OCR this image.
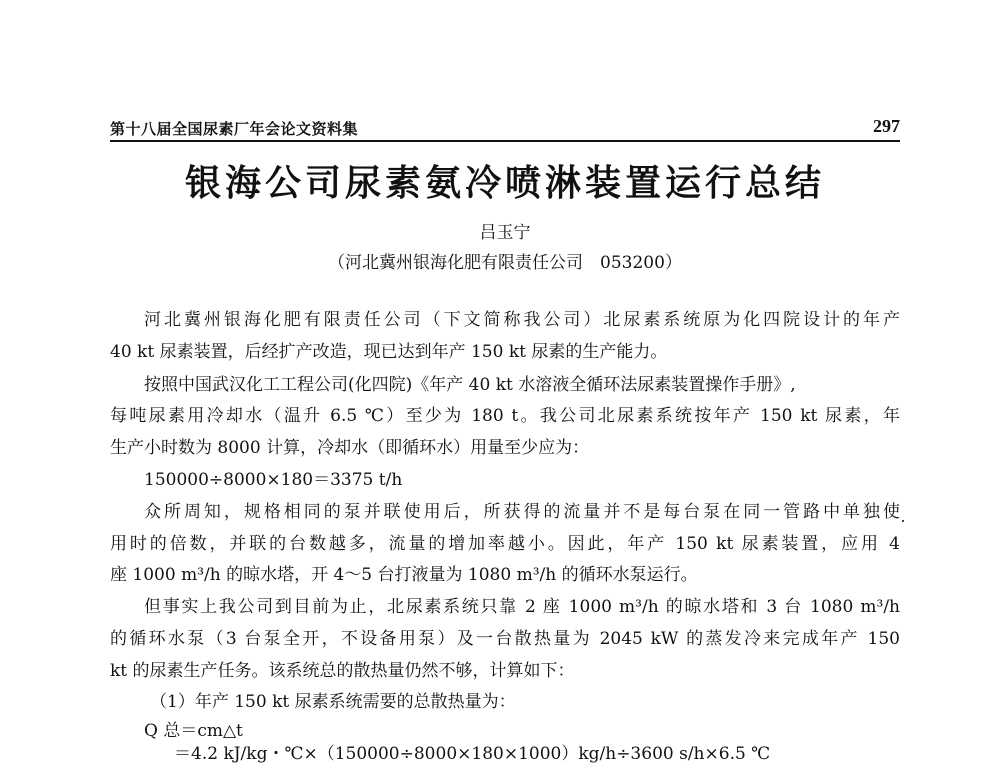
第十八届全国尿素厂年会论文资料集	297
银海公司尿素氨冷喷淋装置运行总结
吕玉宁
（河北冀州银海化肥有限责任公司　053200）
河北冀州银海化肥有限责任公司（下文简称我公司）北尿素系统原为化四院设计的年产
40 kt 尿素装置，后经扩产改造，现已达到年产 150 kt 尿素的生产能力。
按照中国武汉化工工程公司(化四院)《年产 40 kt 水溶液全循环法尿素装置操作手册》,
每吨尿素用冷却水（温升 6.5 ℃）至少为 180 t。我公司北尿素系统按年产 150 kt 尿素，年
生产小时数为 8000 计算，冷却水（即循环水）用量至少应为：
150000÷8000×180＝3375 t/h
众所周知，规格相同的泵并联使用后，所获得的流量并不是每台泵在同一管路中单独使
用时的倍数，并联的台数越多，流量的增加率越小。因此，年产 150 kt 尿素装置，应用 4
座 1000 m³/h 的晾水塔，开 4～5 台打液量为 1080 m³/h 的循环水泵运行。
但事实上我公司到目前为止，北尿素系统只靠 2 座 1000 m³/h 的晾水塔和 3 台 1080 m³/h
的循环水泵（3 台泵全开，不设备用泵）及一台散热量为 2045 kW 的蒸发冷来完成年产 150
kt 的尿素生产任务。该系统总的散热量仍然不够，计算如下：
（1）年产 150 kt 尿素系统需要的总散热量为：
Q 总＝cm△t
＝4.2 kJ/kg・℃×（150000÷8000×180×1000）kg/h÷3600 s/h×6.5 ℃
